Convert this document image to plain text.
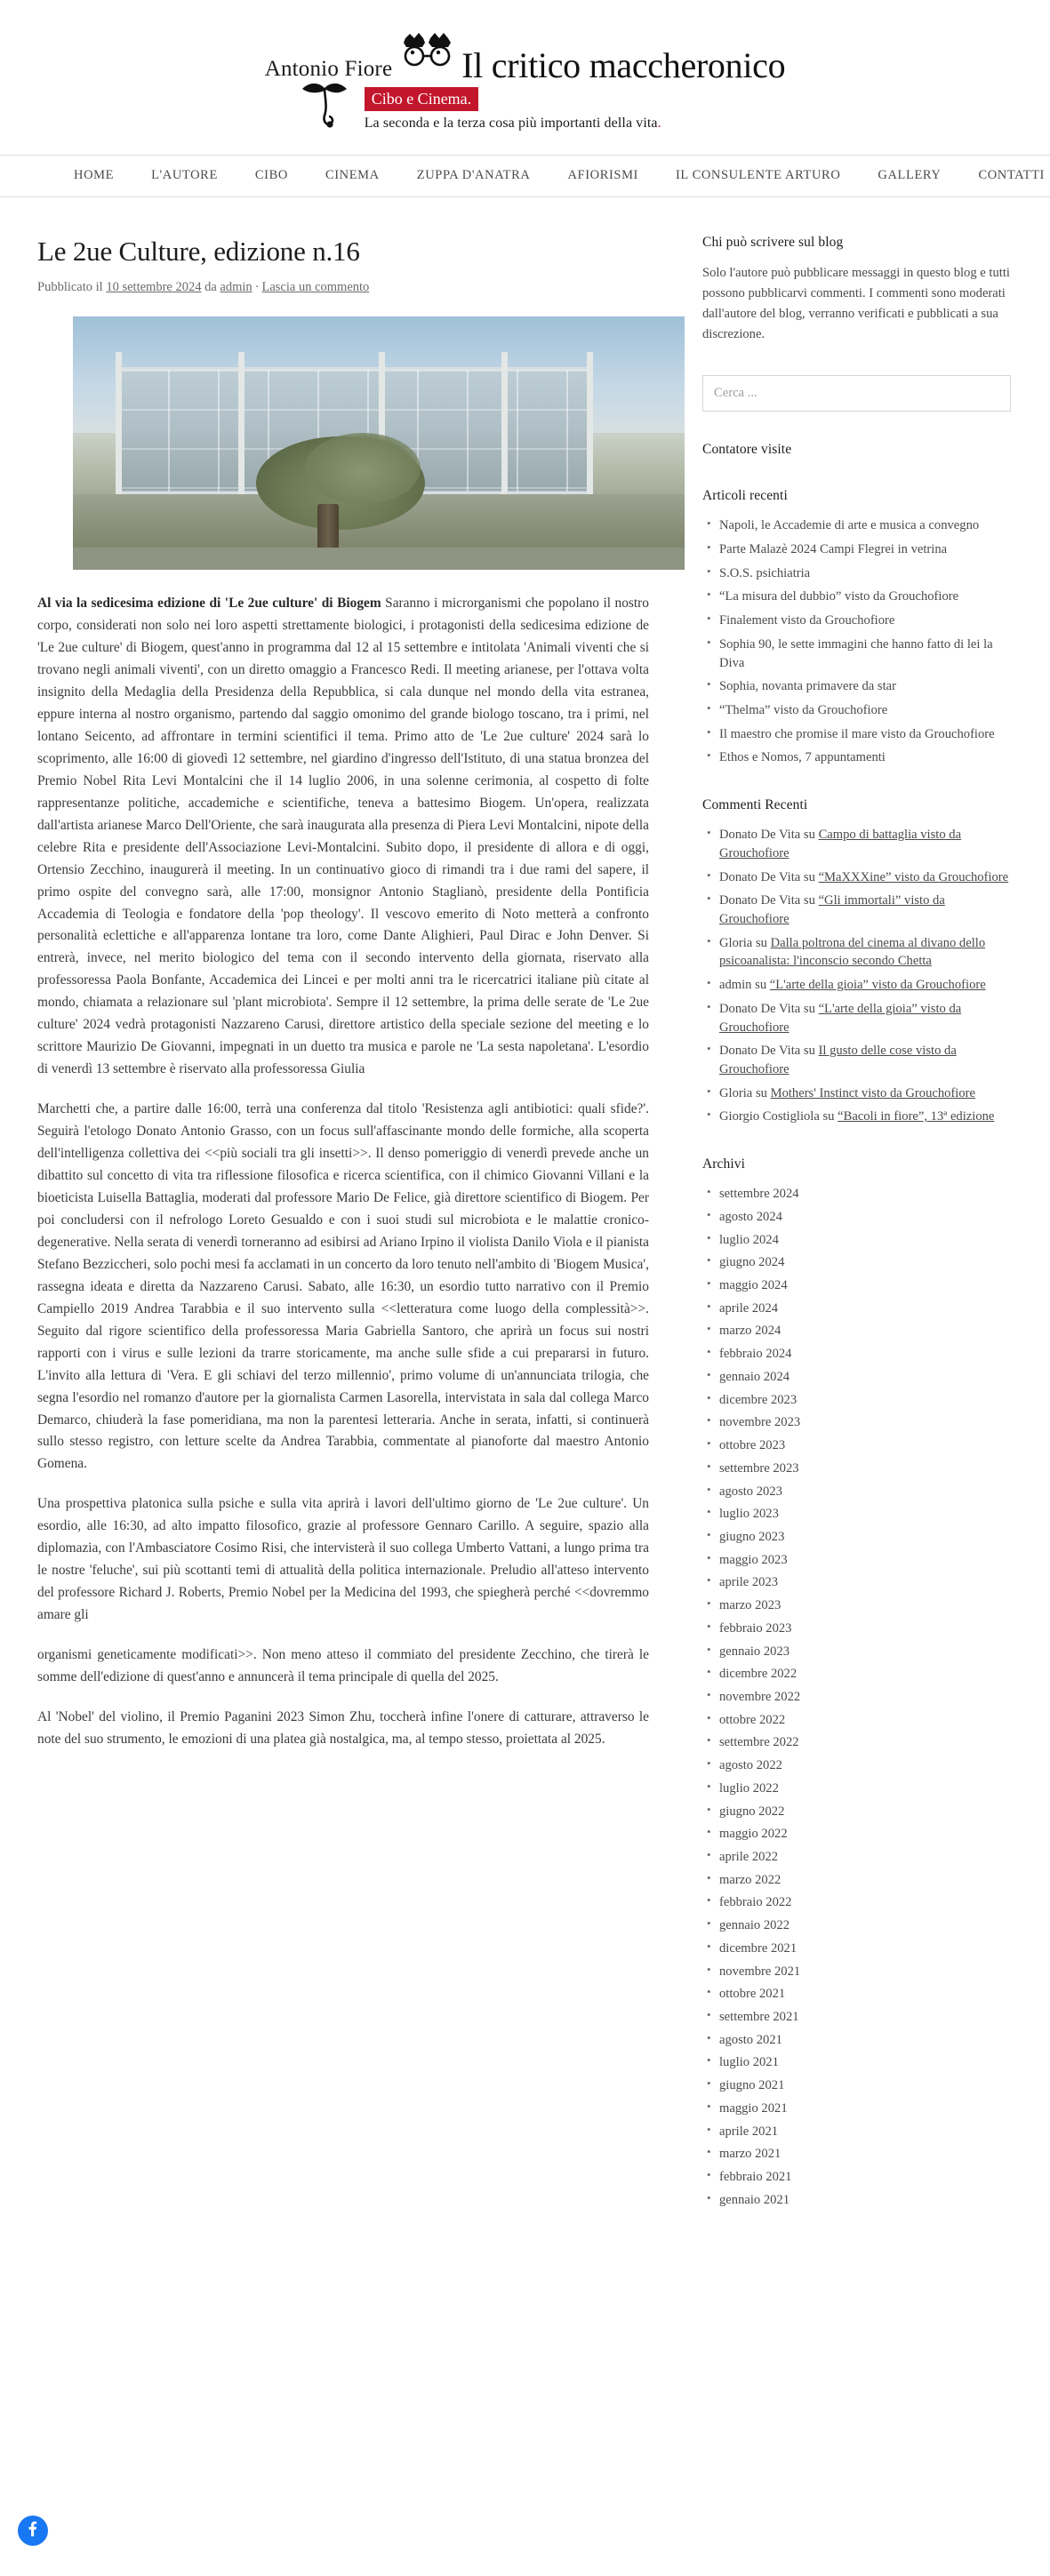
Antonio Fiore Il critico maccheronico
Cibo e Cinema.
La seconda e la terza cosa più importanti della vita.
HOME	L'AUTORE	CIBO	CINEMA	ZUPPA D'ANATRA	AFIORISMI	IL CONSULENTE ARTURO	GALLERY	CONTATTI
Le 2ue Culture, edizione n.16
Pubblicato il 10 settembre 2024 da admin · Lascia un commento

Al via la sedicesima edizione di 'Le 2ue culture' di Biogem Saranno i microrganismi che popolano il nostro corpo, considerati non solo nei loro aspetti strettamente biologici, i protagonisti della sedicesima edizione de 'Le 2ue culture' di Biogem, quest'anno in programma dal 12 al 15 settembre e intitolata 'Animali viventi che si trovano negli animali viventi', con un diretto omaggio a Francesco Redi. Il meeting arianese, per l'ottava volta insignito della Medaglia della Presidenza della Repubblica, si cala dunque nel mondo della vita estranea, eppure interna al nostro organismo, partendo dal saggio omonimo del grande biologo toscano, tra i primi, nel lontano Seicento, ad affrontare in termini scientifici il tema. Primo atto de 'Le 2ue culture' 2024 sarà lo scoprimento, alle 16:00 di giovedì 12 settembre, nel giardino d'ingresso dell'Istituto, di una statua bronzea del Premio Nobel Rita Levi Montalcini che il 14 luglio 2006, in una solenne cerimonia, al cospetto di folte rappresentanze politiche, accademiche e scientifiche, teneva a battesimo Biogem. Un'opera, realizzata dall'artista arianese Marco Dell'Oriente, che sarà inaugurata alla presenza di Piera Levi Montalcini, nipote della celebre Rita e presidente dell'Associazione Levi-Montalcini. Subito dopo, il presidente di allora e di oggi, Ortensio Zecchino, inaugurerà il meeting. In un continuativo gioco di rimandi tra i due rami del sapere, il primo ospite del convegno sarà, alle 17:00, monsignor Antonio Staglianò, presidente della Pontificia Accademia di Teologia e fondatore della 'pop theology'. Il vescovo emerito di Noto metterà a confronto personalità eclettiche e all'apparenza lontane tra loro, come Dante Alighieri, Paul Dirac e John Denver. Si entrerà, invece, nel merito biologico del tema con il secondo intervento della giornata, riservato alla professoressa Paola Bonfante, Accademica dei Lincei e per molti anni tra le ricercatrici italiane più citate al mondo, chiamata a relazionare sul 'plant microbiota'. Sempre il 12 settembre, la prima delle serate de 'Le 2ue culture' 2024 vedrà protagonisti Nazzareno Carusi, direttore artistico della speciale sezione del meeting e lo scrittore Maurizio De Giovanni, impegnati in un duetto tra musica e parole ne 'La sesta napoletana'. L'esordio di venerdì 13 settembre è riservato alla professoressa Giulia

Marchetti che, a partire dalle 16:00, terrà una conferenza dal titolo 'Resistenza agli antibiotici: quali sfide?'. Seguirà l'etologo Donato Antonio Grasso, con un focus sull'affascinante mondo delle formiche, alla scoperta dell'intelligenza collettiva dei <<più sociali tra gli insetti>>. Il denso pomeriggio di venerdì prevede anche un dibattito sul concetto di vita tra riflessione filosofica e ricerca scientifica, con il chimico Giovanni Villani e la bioeticista Luisella Battaglia, moderati dal professore Mario De Felice, già direttore scientifico di Biogem. Per poi concludersi con il nefrologo Loreto Gesualdo e con i suoi studi sul microbiota e le malattie cronico-degenerative. Nella serata di venerdì torneranno ad esibirsi ad Ariano Irpino il violista Danilo Viola e il pianista Stefano Bezziccheri, solo pochi mesi fa acclamati in un concerto da loro tenuto nell'ambito di 'Biogem Musica', rassegna ideata e diretta da Nazzareno Carusi. Sabato, alle 16:30, un esordio tutto narrativo con il Premio Campiello 2019 Andrea Tarabbia e il suo intervento sulla <<letteratura come luogo della complessità>>. Seguito dal rigore scientifico della professoressa Maria Gabriella Santoro, che aprirà un focus sui nostri rapporti con i virus e sulle lezioni da trarre storicamente, ma anche sulle sfide a cui prepararsi in futuro. L'invito alla lettura di 'Vera. E gli schiavi del terzo millennio', primo volume di un'annunciata trilogia, che segna l'esordio nel romanzo d'autore per la giornalista Carmen Lasorella, intervistata in sala dal collega Marco Demarco, chiuderà la fase pomeridiana, ma non la parentesi letteraria. Anche in serata, infatti, si continuerà sullo stesso registro, con letture scelte da Andrea Tarabbia, commentate al pianoforte dal maestro Antonio Gomena.

Una prospettiva platonica sulla psiche e sulla vita aprirà i lavori dell'ultimo giorno de 'Le 2ue culture'. Un esordio, alle 16:30, ad alto impatto filosofico, grazie al professore Gennaro Carillo. A seguire, spazio alla diplomazia, con l'Ambasciatore Cosimo Risi, che intervisterà il suo collega Umberto Vattani, a lungo prima tra le nostre 'feluche', sui più scottanti temi di attualità della politica internazionale. Preludio all'atteso intervento del professore Richard J. Roberts, Premio Nobel per la Medicina del 1993, che spiegherà perché <<dovremmo amare gli

organismi geneticamente modificati>>. Non meno atteso il commiato del presidente Zecchino, che tirerà le somme dell'edizione di quest'anno e annuncerà il tema principale di quella del 2025.

Al 'Nobel' del violino, il Premio Paganini 2023 Simon Zhu, toccherà infine l'onere di catturare, attraverso le note del suo strumento, le emozioni di una platea già nostalgica, ma, al tempo stesso, proiettata al 2025.

Chi può scrivere sul blog

Solo l'autore può pubblicare messaggi in questo blog e tutti possono pubblicarvi commenti. I commenti sono moderati dall'autore del blog, verranno verificati e pubblicati a sua discrezione.

Cerca ...
Contatore visite
Articoli recenti
• Napoli, le Accademie di arte e musica a convegno
• Parte Malazè 2024 Campi Flegrei in vetrina
• S.O.S. psichiatria
• “La misura del dubbio” visto da Grouchofiore
• Finalement visto da Grouchofiore
• Sophia 90, le sette immagini che hanno fatto di lei la Diva
• Sophia, novanta primavere da star
• “Thelma” visto da Grouchofiore
• Il maestro che promise il mare visto da Grouchofiore
• Ethos e Nomos, 7 appuntamenti
Commenti Recenti
• Donato De Vita su Campo di battaglia visto da Grouchofiore
• Donato De Vita su “MaXXXine” visto da Grouchofiore
• Donato De Vita su “Gli immortali” visto da Grouchofiore
• Gloria su Dalla poltrona del cinema al divano dello psicoanalista: l'inconscio secondo Chetta
• admin su “L'arte della gioia” visto da Grouchofiore
• Donato De Vita su “L'arte della gioia” visto da Grouchofiore
• Donato De Vita su Il gusto delle cose visto da Grouchofiore
• Gloria su Mothers' Instinct visto da Grouchofiore
• Giorgio Costigliola su “Bacoli in fiore”, 13ª edizione
Archivi
• settembre 2024
• agosto 2024
• luglio 2024
• giugno 2024
• maggio 2024
• aprile 2024
• marzo 2024
• febbraio 2024
• gennaio 2024
• dicembre 2023
• novembre 2023
• ottobre 2023
• settembre 2023
• agosto 2023
• luglio 2023
• giugno 2023
• maggio 2023
• aprile 2023
• marzo 2023
• febbraio 2023
• gennaio 2023
• dicembre 2022
• novembre 2022
• ottobre 2022
• settembre 2022
• agosto 2022
• luglio 2022
• giugno 2022
• maggio 2022
• aprile 2022
• marzo 2022
• febbraio 2022
• gennaio 2022
• dicembre 2021
• novembre 2021
• ottobre 2021
• settembre 2021
• agosto 2021
• luglio 2021
• giugno 2021
• maggio 2021
• aprile 2021
• marzo 2021
• febbraio 2021
• gennaio 2021
